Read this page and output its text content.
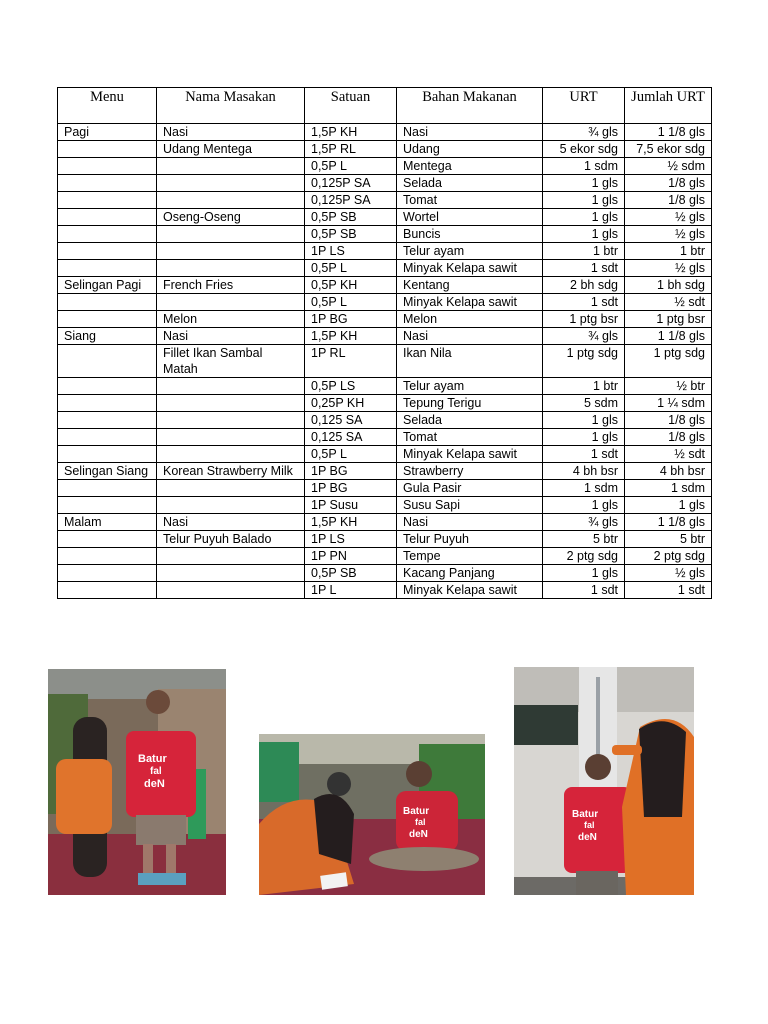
Menu	Nama Masakan	Satuan	Bahan Makanan	URT	Jumlah URT
Pagi	Nasi	1,5P KH	Nasi	¾ gls	1 1/8 gls
	Udang Mentega	1,5P RL	Udang	5 ekor sdg	7,5 ekor sdg
		0,5P L	Mentega	1 sdm	½ sdm
		0,125P SA	Selada	1 gls	1/8 gls
		0,125P SA	Tomat	1 gls	1/8 gls
	Oseng-Oseng	0,5P SB	Wortel	1 gls	½ gls
		0,5P SB	Buncis	1 gls	½ gls
		1P LS	Telur ayam	1 btr	1 btr
		0,5P L	Minyak Kelapa sawit	1 sdt	½ gls
Selingan Pagi	French Fries	0,5P KH	Kentang	2 bh sdg	1 bh sdg
		0,5P L	Minyak Kelapa sawit	1 sdt	½ sdt
	Melon	1P BG	Melon	1 ptg bsr	1 ptg bsr
Siang	Nasi	1,5P KH	Nasi	¾ gls	1 1/8 gls
	Fillet Ikan Sambal Matah	1P RL	Ikan Nila	1 ptg sdg	1 ptg sdg
		0,5P LS	Telur ayam	1 btr	½ btr
		0,25P KH	Tepung Terigu	5 sdm	1 ¼ sdm
		0,125 SA	Selada	1 gls	1/8 gls
		0,125 SA	Tomat	1 gls	1/8 gls
		0,5P L	Minyak Kelapa sawit	1 sdt	½ sdt
Selingan Siang	Korean Strawberry Milk	1P BG	Strawberry	4 bh bsr	4 bh bsr
		1P BG	Gula Pasir	1 sdm	1 sdm
		1P Susu	Susu Sapi	1 gls	1 gls
Malam	Nasi	1,5P KH	Nasi	¾ gls	1 1/8 gls
	Telur Puyuh Balado	1P LS	Telur Puyuh	5 btr	5 btr
		1P PN	Tempe	2 ptg sdg	2 ptg sdg
		0,5P SB	Kacang Panjang	1 gls	½ gls
		1P L	Minyak Kelapa sawit	1 sdt	1 sdt
Batur
fal
deN
Batur
fal
deN
Batur
fal
deN
